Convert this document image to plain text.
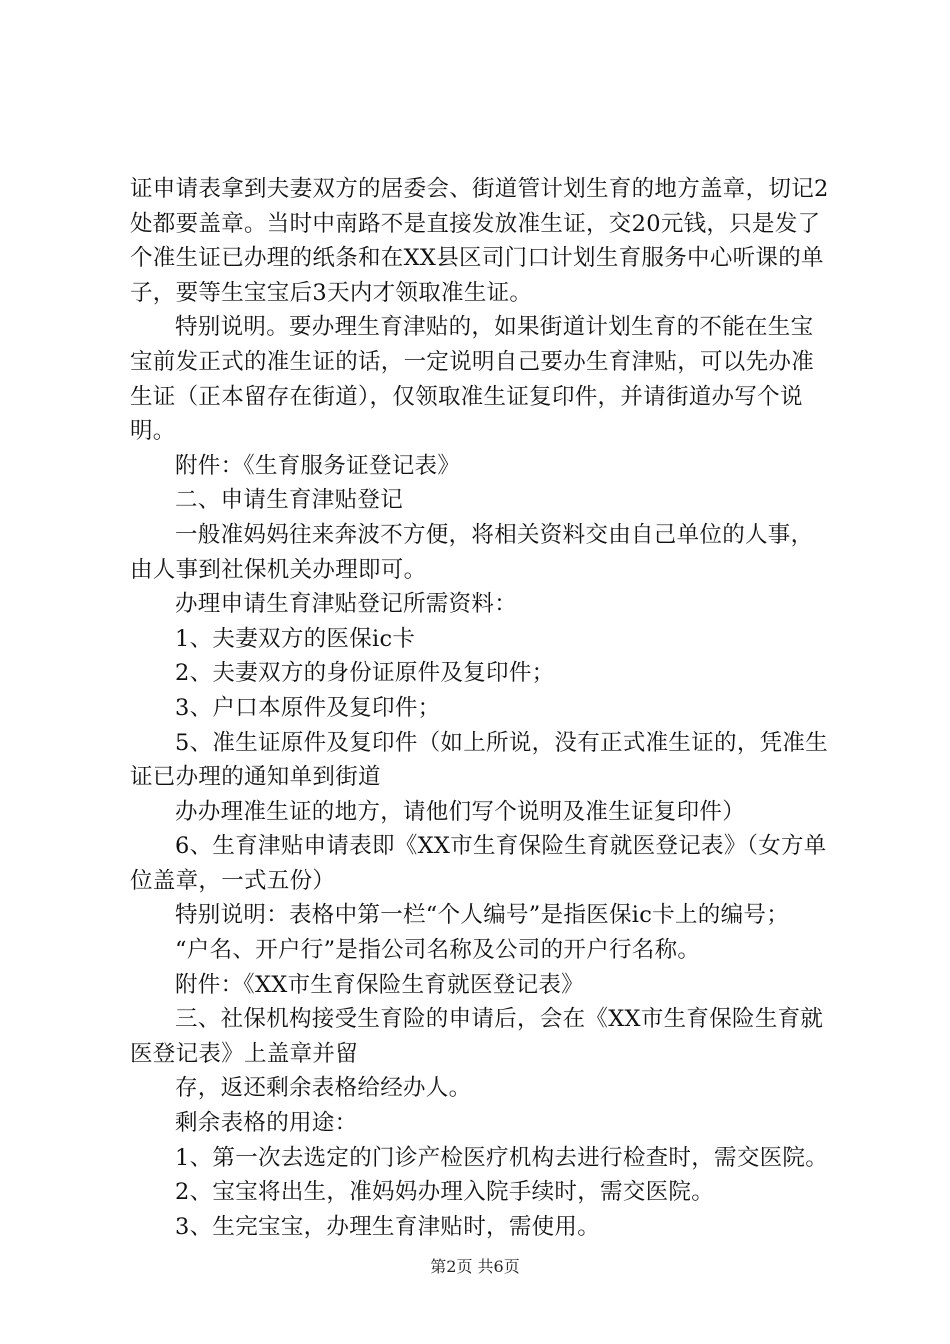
证申请表拿到夫妻双方的居委会、街道管计划生育的地方盖章，切记2处都要盖章。当时中南路不是直接发放准生证，交20元钱，只是发了个准生证已办理的纸条和在XX县区司门口计划生育服务中心听课的单子，要等生宝宝后3天内才领取准生证。

特别说明。要办理生育津贴的，如果街道计划生育的不能在生宝宝前发正式的准生证的话，一定说明自己要办生育津贴，可以先办准生证（正本留存在街道），仅领取准生证复印件，并请街道办写个说明。

附件：《生育服务证登记表》

二、申请生育津贴登记

一般准妈妈往来奔波不方便，将相关资料交由自己单位的人事，由人事到社保机关办理即可。

办理申请生育津贴登记所需资料：

1、夫妻双方的医保ic卡

2、夫妻双方的身份证原件及复印件；

3、户口本原件及复印件；

5、准生证原件及复印件（如上所说，没有正式准生证的，凭准生证已办理的通知单到街道

办办理准生证的地方，请他们写个说明及准生证复印件）

6、生育津贴申请表即《XX市生育保险生育就医登记表》（女方单位盖章，一式五份）

特别说明：表格中第一栏“个人编号”是指医保ic卡上的编号；

“户名、开户行”是指公司名称及公司的开户行名称。

附件：《XX市生育保险生育就医登记表》

三、社保机构接受生育险的申请后，会在《XX市生育保险生育就医登记表》上盖章并留

存，返还剩余表格给经办人。

剩余表格的用途：

1、第一次去选定的门诊产检医疗机构去进行检查时，需交医院。

2、宝宝将出生，准妈妈办理入院手续时，需交医院。

3、生完宝宝，办理生育津贴时，需使用。

第2页 共6页
